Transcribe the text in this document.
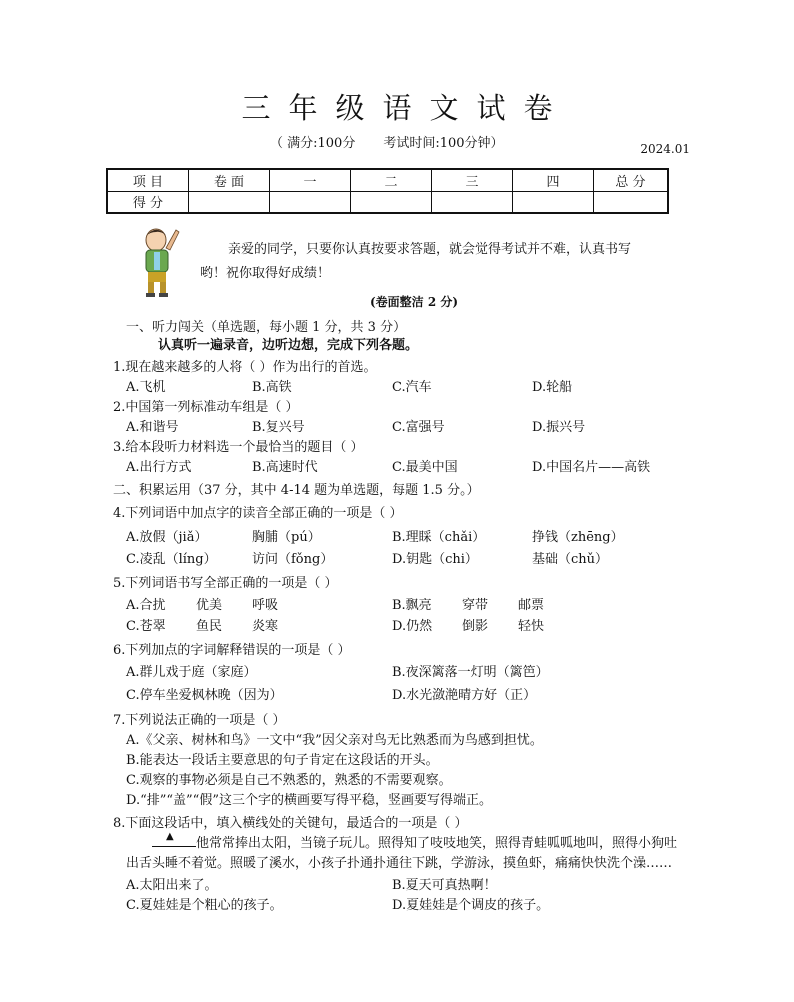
三年级语文试卷
（ 满分:100分 考试时间:100分钟）	2024.01
项 目	卷 面	一	二	三	四	总 分
得 分						
亲爱的同学，只要你认真按要求答题，就会觉得考试并不难，认真书写
哟！祝你取得好成绩！
(卷面整洁 2 分)
一、听力闯关（单选题，每小题 1 分，共 3 分）
认真听一遍录音，边听边想，完成下列各题。
1.现在越来越多的人将（ ）作为出行的首选。
A.飞机	B.高铁	C.汽车	D.轮船
2.中国第一列标准动车组是（ ）
A.和谐号	B.复兴号	C.富强号	D.振兴号
3.给本段听力材料选一个最恰当的题目（ ）
A.出行方式	B.高速时代	C.最美中国	D.中国名片——高铁
二、积累运用（37 分，其中 4-14 题为单选题，每题 1.5 分。）
4.下列词语中加点字的读音全部正确的一项是（ ）
A.放假（jiǎ）	胸脯（pú）	B.理睬（chǎi）	挣钱（zhēng）
C.凌乱（líng）	访问（fǒng）	D.钥匙（chi）	基础（chǔ）
5.下列词语书写全部正确的一项是（ ）
A.合扰 优美 呼吸	B.飘亮 穿带 邮票
C.苍翠 鱼民 炎寒	D.仍然 倒影 轻快
6.下列加点的字词解释错误的一项是（ ）
A.群儿戏于庭（家庭）	B.夜深篱落一灯明（篱笆）
C.停车坐爱枫林晚（因为）	D.水光潋滟晴方好（正）
7.下列说法正确的一项是（ ）
A.《父亲、树林和鸟》一文中“我”因父亲对鸟无比熟悉而为鸟感到担忧。
B.能表达一段话主要意思的句子肯定在这段话的开头。
C.观察的事物必须是自己不熟悉的，熟悉的不需要观察。
D.“排”“盖”“假”这三个字的横画要写得平稳，竖画要写得端正。
8.下面这段话中，填入横线处的关键句，最适合的一项是（ ）
▲ 他常常捧出太阳，当镜子玩儿。照得知了吱吱地笑，照得青蛙呱呱地叫，照得小狗吐
出舌头睡不着觉。照暖了溪水，小孩子扑通扑通往下跳，学游泳，摸鱼虾，痛痛快快洗个澡……
A.太阳出来了。	B.夏天可真热啊！
C.夏娃娃是个粗心的孩子。	D.夏娃娃是个调皮的孩子。
